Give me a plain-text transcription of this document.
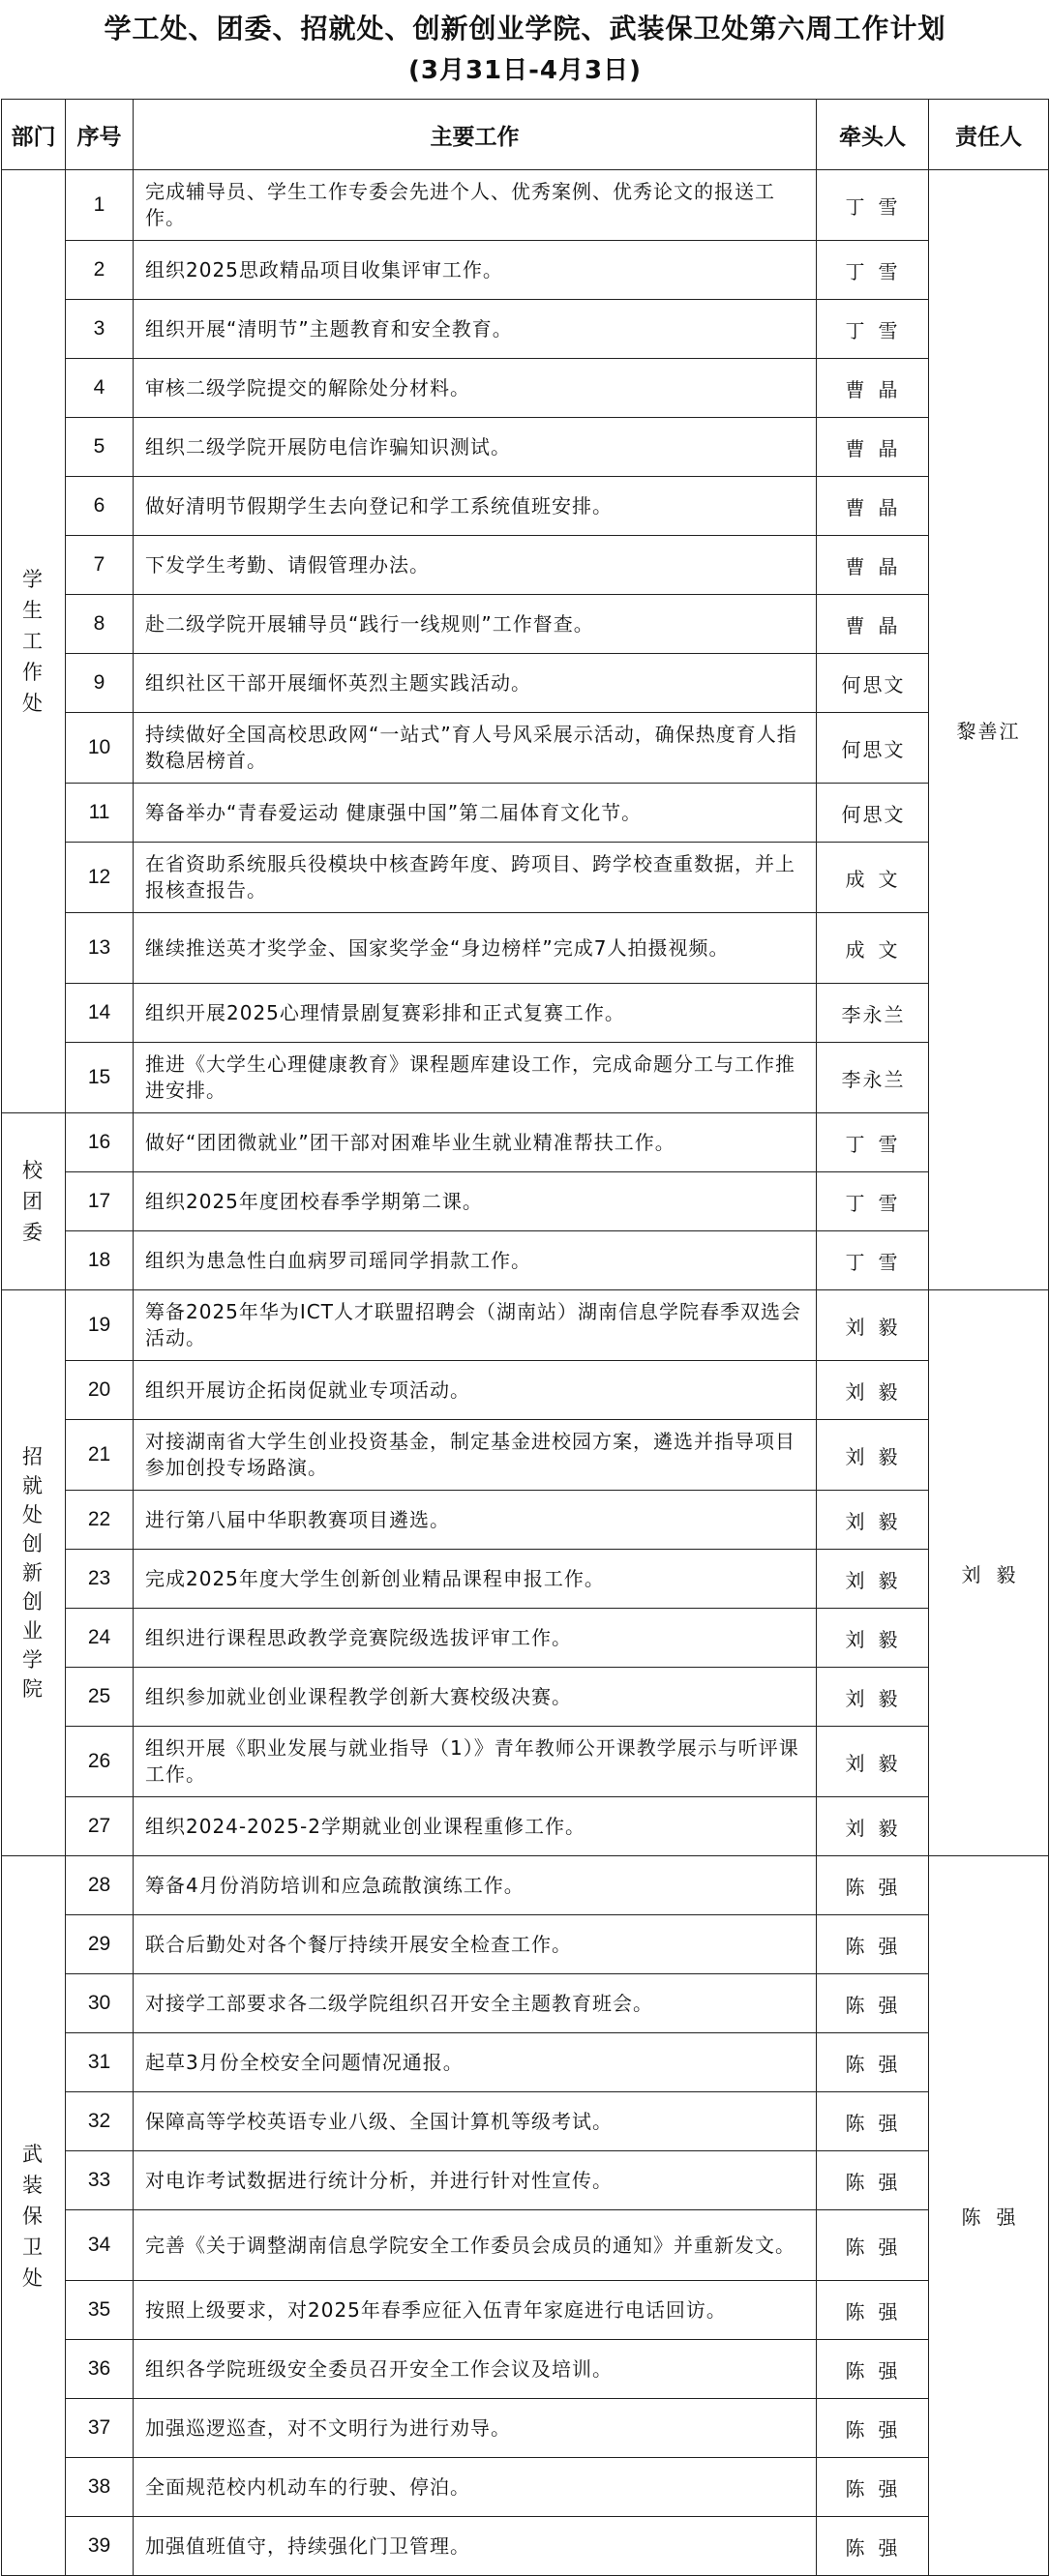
学工处、团委、招就处、创新创业学院、武装保卫处第六周工作计划
(3月31日-4月3日)
部门	序号	主要工作	牵头人	责任人
学生工作处	1	完成辅导员、学生工作专委会先进个人、优秀案例、优秀论文的报送工作。	丁雪	黎善江
	2	组织2025思政精品项目收集评审工作。	丁雪	
	3	组织开展“清明节”主题教育和安全教育。	丁雪	
	4	审核二级学院提交的解除处分材料。	曹晶	
	5	组织二级学院开展防电信诈骗知识测试。	曹晶	
	6	做好清明节假期学生去向登记和学工系统值班安排。	曹晶	
	7	下发学生考勤、请假管理办法。	曹晶	
	8	赴二级学院开展辅导员“践行一线规则”工作督查。	曹晶	
	9	组织社区干部开展缅怀英烈主题实践活动。	何思文	
	10	持续做好全国高校思政网“一站式”育人号风采展示活动，确保热度育人指数稳居榜首。	何思文	
	11	筹备举办“青春爱运动 健康强中国”第二届体育文化节。	何思文	
	12	在省资助系统服兵役模块中核查跨年度、跨项目、跨学校查重数据，并上报核查报告。	成文	
	13	继续推送英才奖学金、国家奖学金“身边榜样”完成7人拍摄视频。	成文	
	14	组织开展2025心理情景剧复赛彩排和正式复赛工作。	李永兰	
	15	推进《大学生心理健康教育》课程题库建设工作，完成命题分工与工作推进安排。	李永兰	
校团委	16	做好“团团微就业”团干部对困难毕业生就业精准帮扶工作。	丁雪	
	17	组织2025年度团校春季学期第二课。	丁雪	
	18	组织为患急性白血病罗司瑶同学捐款工作。	丁雪	
招就处创新创业学院	19	筹备2025年华为ICT人才联盟招聘会（湖南站）湖南信息学院春季双选会活动。	刘毅	刘毅
	20	组织开展访企拓岗促就业专项活动。	刘毅	
	21	对接湖南省大学生创业投资基金，制定基金进校园方案，遴选并指导项目参加创投专场路演。	刘毅	
	22	进行第八届中华职教赛项目遴选。	刘毅	
	23	完成2025年度大学生创新创业精品课程申报工作。	刘毅	
	24	组织进行课程思政教学竞赛院级选拔评审工作。	刘毅	
	25	组织参加就业创业课程教学创新大赛校级决赛。	刘毅	
	26	组织开展《职业发展与就业指导（1）》青年教师公开课教学展示与听评课工作。	刘毅	
	27	组织2024-2025-2学期就业创业课程重修工作。	刘毅	
武装保卫处	28	筹备4月份消防培训和应急疏散演练工作。	陈强	陈强
	29	联合后勤处对各个餐厅持续开展安全检查工作。	陈强	
	30	对接学工部要求各二级学院组织召开安全主题教育班会。	陈强	
	31	起草3月份全校安全问题情况通报。	陈强	
	32	保障高等学校英语专业八级、全国计算机等级考试。	陈强	
	33	对电诈考试数据进行统计分析，并进行针对性宣传。	陈强	
	34	完善《关于调整湖南信息学院安全工作委员会成员的通知》并重新发文。	陈强	
	35	按照上级要求，对2025年春季应征入伍青年家庭进行电话回访。	陈强	
	36	组织各学院班级安全委员召开安全工作会议及培训。	陈强	
	37	加强巡逻巡查，对不文明行为进行劝导。	陈强	
	38	全面规范校内机动车的行驶、停泊。	陈强	
	39	加强值班值守，持续强化门卫管理。	陈强	
